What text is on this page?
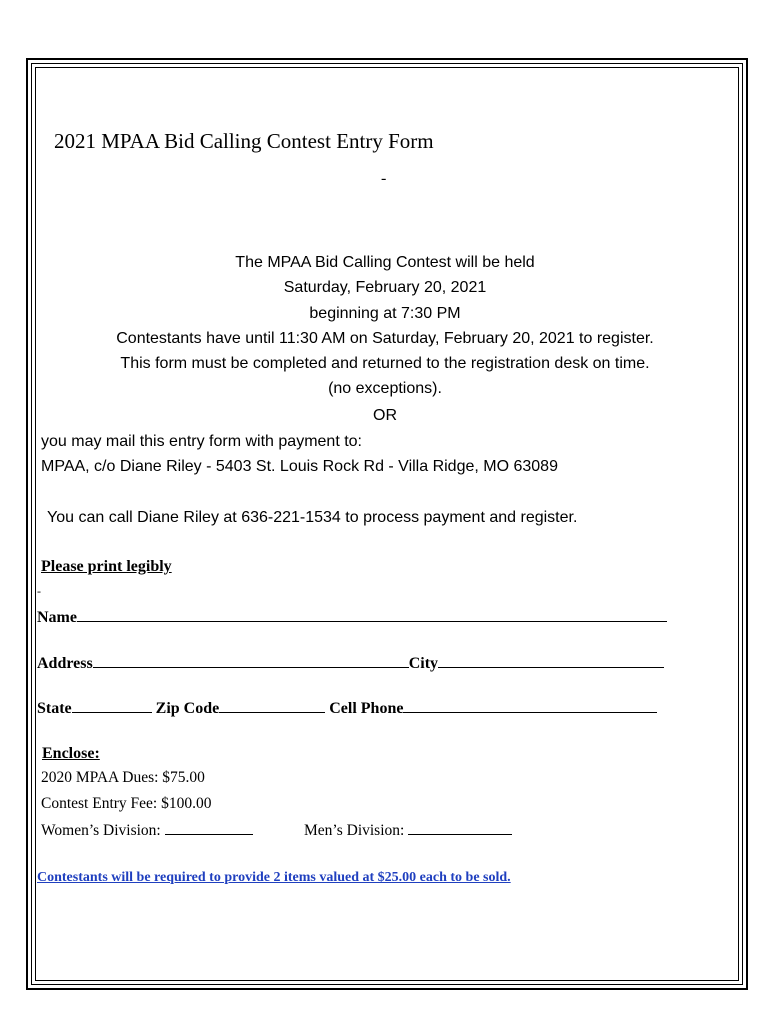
2021 MPAA Bid Calling Contest Entry Form
-
The MPAA Bid Calling Contest will be held
Saturday, February 20, 2021
beginning at 7:30 PM
Contestants have until 11:30 AM on Saturday, February 20, 2021 to register.
This form must be completed and returned to the registration desk on time.
(no exceptions).
OR
you may mail this entry form with payment to:
MPAA, c/o Diane Riley - 5403 St. Louis Rock Rd - Villa Ridge, MO 63089
You can call Diane Riley at 636-221-1534 to process payment and register.
Please print legibly
-
Name
Address	City
State	Zip Code	Cell Phone
Enclose:
2020 MPAA Dues: $75.00
Contest Entry Fee: $100.00
Women’s Division:	Men’s Division:
Contestants will be required to provide 2 items valued at $25.00 each to be sold.
